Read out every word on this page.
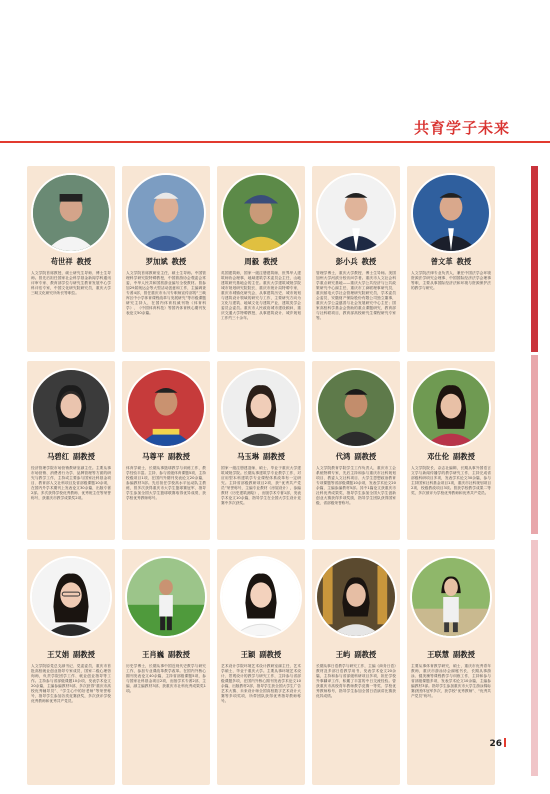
共育学子未来
苟世祥 教授
人文学院首席教授，硕士研究生导师、博士生导师。曾先后担任国家社会科学基金新闻学科通讯评审专家、教育部学位与研究生教育发展中心学科评估专家，中国文化研究院研究员，重庆大学三峡文化研究所所长等职位。
罗加斌 教授
人文学院首席教研室主任，硕士生导师。中国管理科学研究院特聘教授，中国旅游协会观委会常委，中华人民共和国旅游业编写全校教材。曾参加29届奥运会等大型活动创意和工作，主编调查专著4部，曾任重庆市永川专职师宣传部的“三峡库区中小学体育课程改革与发展研究”等市级课题研究主持人，在国内体育权威刊物《体育科学》、《中国体育科技》等国内体育核心期刊发表论文50余篇。
周毅 教授
英国建筑师，国家一级注册建筑师，世界华人建筑师协会理事，地域建筑学术委员会主任，山地建筑研究基地会的主任。重庆大学建筑城规学院城市规划研究院院长，重庆市统计局特聘专家，重庆市城镇化研究会，从事建筑历史、城市规划与建筑设计领域的研究与工作，主要研究方向为文化与建筑、地域文化与建筑产业，建筑类学会委员会委员。重庆市人民政府城市建设顾问，重庆交通大学特聘教授，从事建筑设计、城乡规划工作约三十余年。
彭小兵 教授
管理学博士，重庆大学教授、博士生导师。美国加州大学河滨分校访问学者。重庆市人文社会科学重点研究基地——重庆大学公共经济与公共政策研究中心副主任，重庆市工商联理事研究员，重庆邮电大学社会管理研究院研究员，学术委员会委员，安徽财产保险股份有限公司独立董事，重庆大学公益慈善与社会发展研究中心主任；国家高校科学基金会资助的重点课题研究，教育部与社科联项目，教育部高校研究生课程研究专家等。
曾文革 教授
人文学院法律专业负责人，兼任中国法学会环境资源法学研究会理事、中国国际经济法学会理事等职，主要从事国际经济法和环境与资源保护法的教学与研究。
马碧红 副教授
经济管理学院市场营销教研室副主任。主要从事市场营销、消费者行为学、品牌管理等方面的研究与教学工作，主持或主要参与国家社科基金项目、教育部人文社科项目及省部级课题10余项，在国内外学术期刊上发表论文30余篇，出版专著2部。多次获得学校优秀教师、优秀班主任等荣誉称号，获重庆市教学成果奖2项。
马尊平 副教授
体育学硕士，长期从事篮球教学与训练工作，教学经验丰富。主持、参与省级体育课题5项，主持校级项目1项，在国内外期刊发表论文20余篇，参编教材3部。先后担任学校高水平运动队主教练，曾多次获得重庆市大学生篮球赛冠军，指导学生参加全国大学生篮球联赛取得优异成绩，获学校优秀教师称号。
马玉琳 副教授
国家一级注册建造师，硕士，毕业于重庆大学建筑城规学院。长期从事建筑学专业教学工作，对应用型本科建筑学专业课程体系改革有一定研究。主持省部级教研项目2项，获“优秀共产党员”荣誉称号，主编专业教材《房屋设计》，参编教材《历史建筑测绘》，出版学术专著1部，发表学术论文10余篇，指导学生在全国大学生设计竞赛中多次获奖。
代鸿 副教授
人文学院教育学院学生工作负责人，重庆市工会系统特聘专家，先后主持和参与重庆市社科规划项目、教委人文社科项目、大学生思想政治教育专项课题等省部级课题10余项，发表学术论文20余篇，主编参编教材5部。其中1篇论文获重庆市社科优秀成果奖，指导学生参加全国大学生创新创业大赛获得多项奖励，指导学生团队获得国家级、省部级荣誉称号。
邓仕伦 副教授
人文学院院长，杂志社编辑，长期从事外国语言文学与新闻传播学的教学研究工作，主持完成省部级科研项目多项，发表学术论文30余篇，参与主持国家社科基金项目1项，重庆市社科规划项目2项，校级教改项目3项。曾获学校教学成果二等奖，多次被评为学校优秀教师和优秀共产党员。
王艾娟 副教授
人文学院原党总支副书记、党委委员，重庆市首批高校就业创业指导专家成员，国家二级心理咨询师，负责学院团学工作、就业创业指导等工作。主持参与省部级课题10余项，发表学术论文20余篇，主编参编教材5部，多次获得“重庆市高校优秀辅导员”、“学生心中的好老师”等荣誉称号，指导学生参加各类竞赛获奖，多次获评学校优秀教师和优秀共产党员。
王肖巍 副教授
历史学博士，长期从事中国近现代史教学与研究工作，参加专业课改革教学改革。在国内外核心期刊发表论文40余篇，主持省部级课题5项，参与国家社科基金项目2项，出版学术专著2部，主编、副主编教材3部，获重庆市社科优秀成果奖1项。
王颖 副教授
艺术设计学院环境艺术设计教研室副主任，艺术学硕士，毕业于重庆大学。主要从事环境艺术设计、景观设计的教学与研究工作，主持参与省部级课题多项，在国内外核心期刊发表学术论文10余篇，出版教材2部，指导学生获全国大学生广告艺术大赛、未来设计师全国高校数字艺术设计大赛等多项奖项，所带团队获得优秀指导教师称号。
王屿 副教授
长期从事日语教学与研究工作，主编《商务日语》教材及多部日语教学用书，发表学术论文20余篇，主持和参与省部级科研项目多项，担任学校外事翻译工作，积累了丰富的中日交流经验。曾获重庆市高校青年教师教学竞赛一等奖、学校优秀教师称号，指导学生参加全国日语演讲比赛获优异成绩。
王联慧 副教授
主要从事体育教学研究，硕士，重庆市优秀青年教师，重庆市游泳协会副秘书长，长期从事游泳、健美操等课程教学与训练工作，主持和参与省部级课题多项，发表学术论文10余篇，主编参编教材3部。指导学生参加重庆市大学生游泳锦标赛获团体冠军多次，获学校“优秀教师”、“优秀共产党员”称号。
26
